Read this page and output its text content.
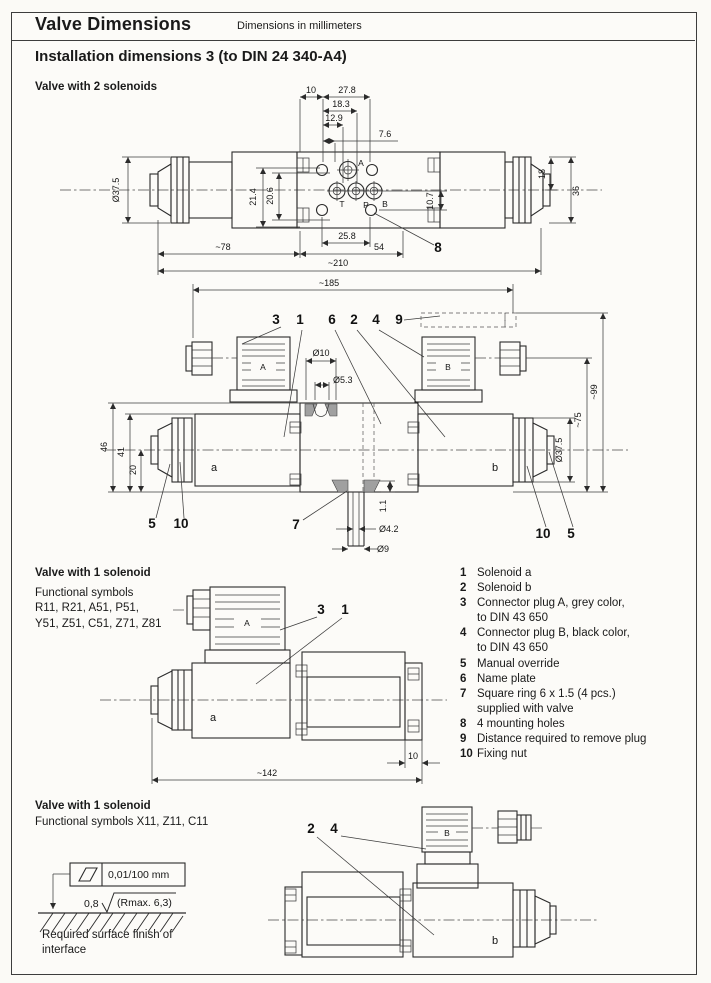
Valve Dimensions	Dimensions in millimeters
Installation dimensions 3 (to DIN 24 340-A4)
Valve with 2 solenoids
A
T P B
10 27.8
18.3
12.9
7.6
21.4 20.6	10.7
Ø37.5
18
36
25.8
~78	54
~210
8
~185
3 1 6 2 4 9
A	B
a	b
Ø10
Ø5.3
1.1
Ø4.2
Ø9
46 41
20
Ø37.5
~75
~99
5 10	7
10 5
Valve with 1 solenoid
Functional symbols
R11, R21, A51, P51,
Y51, Z51, C51, Z71, Z81
3 1
A
a
10
~142
1 Solenoid a
2 Solenoid b
3 Connector plug A, grey color,
to DIN 43 650
4 Connector plug B, black color,
to DIN 43 650
5 Manual override
6 Name plate
7 Square ring 6 x 1.5 (4 pcs.)
supplied with valve
8 4 mounting holes
9 Distance required to remove plug
10 Fixing nut
Valve with 1 solenoid
Functional symbols X11, Z11, C11
0,01/100 mm
0,8 (Rmax. 6,3)
Required surface finish of
interface
2 4	B
b
